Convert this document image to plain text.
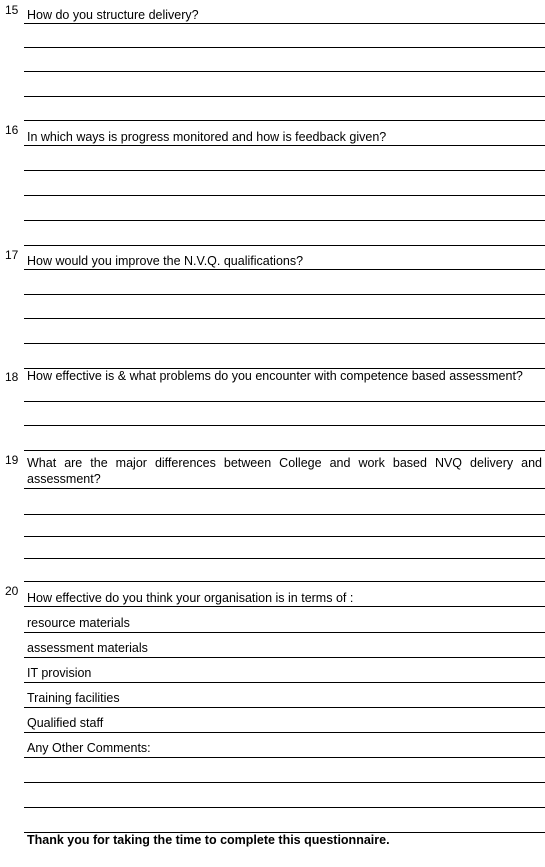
15 How do you structure delivery?
16 In which ways is progress monitored and how is feedback given?
17 How would you improve the N.V.Q. qualifications?
18 How effective is & what problems do you encounter with competence based assessment?
19 What are the major differences between College and work based NVQ delivery and assessment?
20 How effective do you think your organisation is in terms of :
resource materials
assessment materials
IT provision
Training facilities
Qualified staff
Any Other Comments:
Thank you for taking the time to complete this questionnaire.
